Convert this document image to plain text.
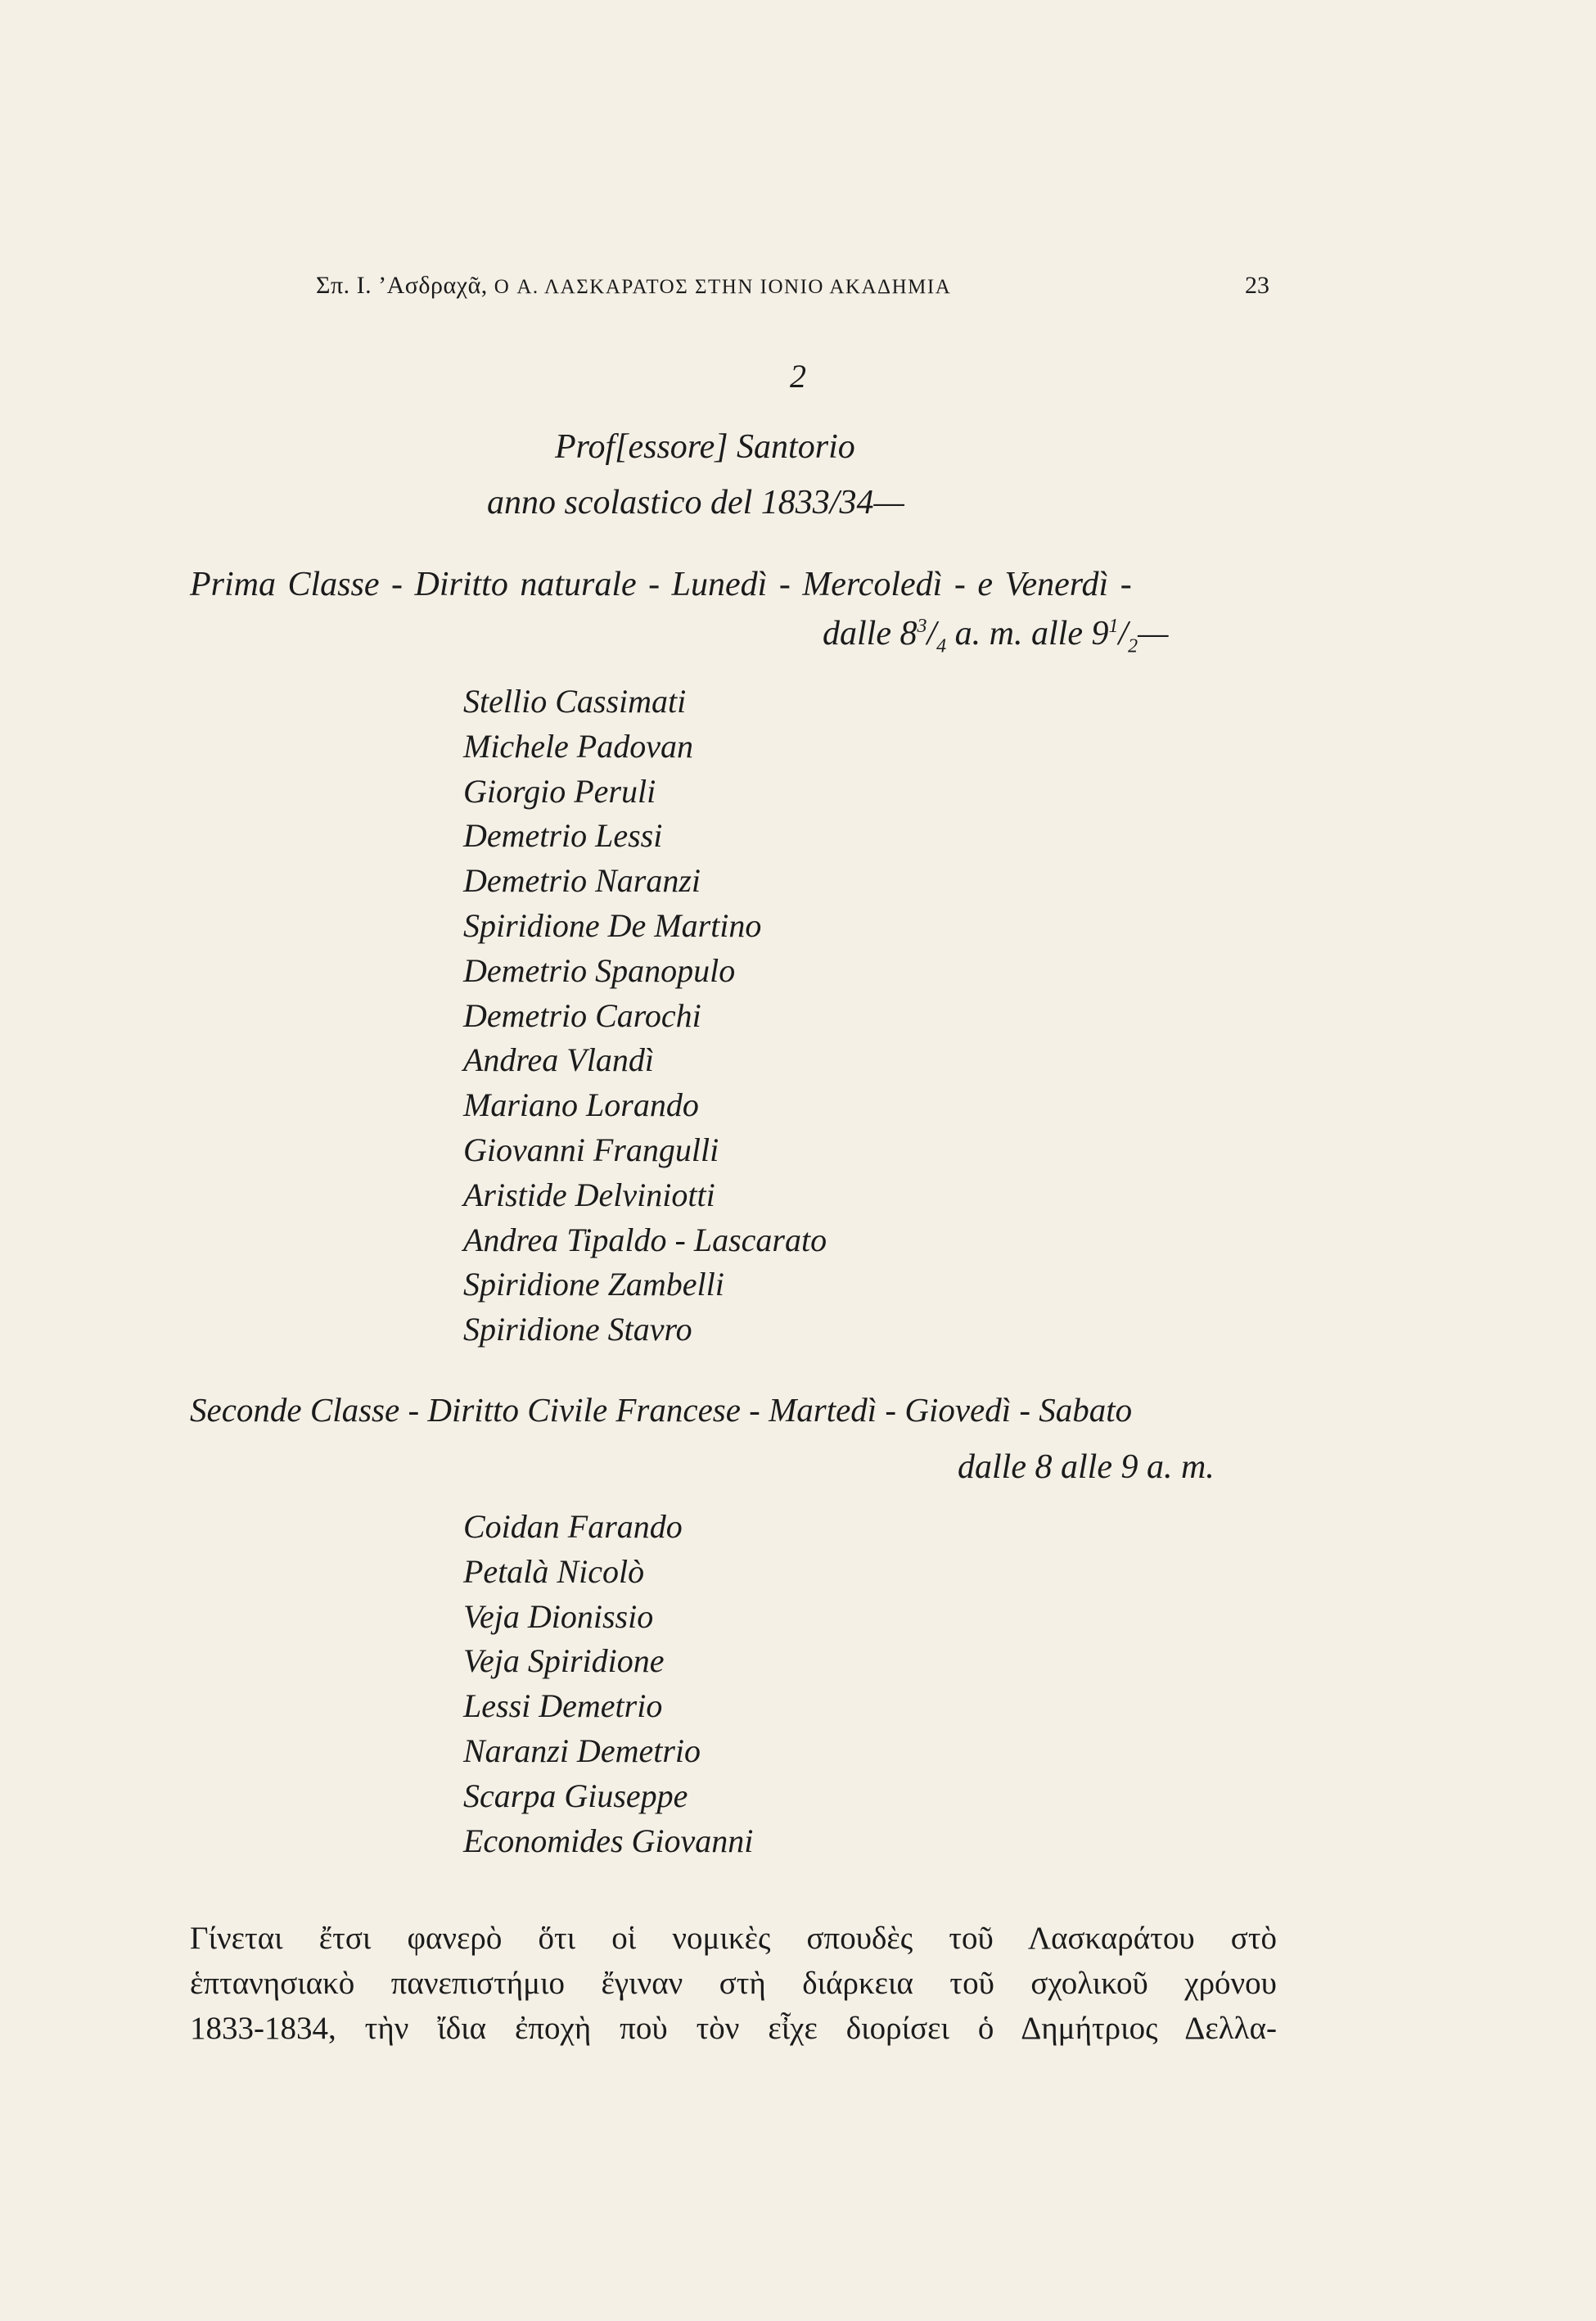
Σπ. Ι. ’Ασδραχᾶ, Ο Α. ΛΑΣΚΑΡΑΤΟΣ ΣΤΗΝ ΙΟΝΙΟ ΑΚΑΔΗΜΙΑ	23
2
Prof[essore] Santorio
anno scolastico del 1833/34—
Prima Classe - Diritto naturale - Lunedì - Mercoledì - e Venerdì -
dalle $8^3/_4$ a. m. alle $9^1/_2—$
Stellio Cassimati
Michele Padovan
Giorgio Peruli
Demetrio Lessi
Demetrio Naranzi
Spiridione De Martino
Demetrio Spanopulo
Demetrio Carochi
Andrea Vlandì
Mariano Lorando
Giovanni Frangulli
Aristide Delviniotti
Andrea Tipaldo - Lascarato
Spiridione Zambelli
Spiridione Stavro
Seconde Classe - Diritto Civile Francese - Martedì - Giovedì - Sabato
dalle 8 alle 9 a. m.
Coidan Farando
Petalà Nicolò
Veja Dionissio
Veja Spiridione
Lessi Demetrio
Naranzi Demetrio
Scarpa Giuseppe
Economides Giovanni

Γίνεται ἔτσι φανερὸ ὅτι οἱ νομικὲς σπουδὲς τοῦ Λασκαράτου στὸ

ἑπτανησιακὸ πανεπιστήμιο ἔγιναν στὴ διάρκεια τοῦ σχολικοῦ χρόνου

1833-1834, τὴν ἴδια ἐποχὴ ποὺ τὸν εἶχε διορίσει ὁ Δημήτριος Δελλα-
